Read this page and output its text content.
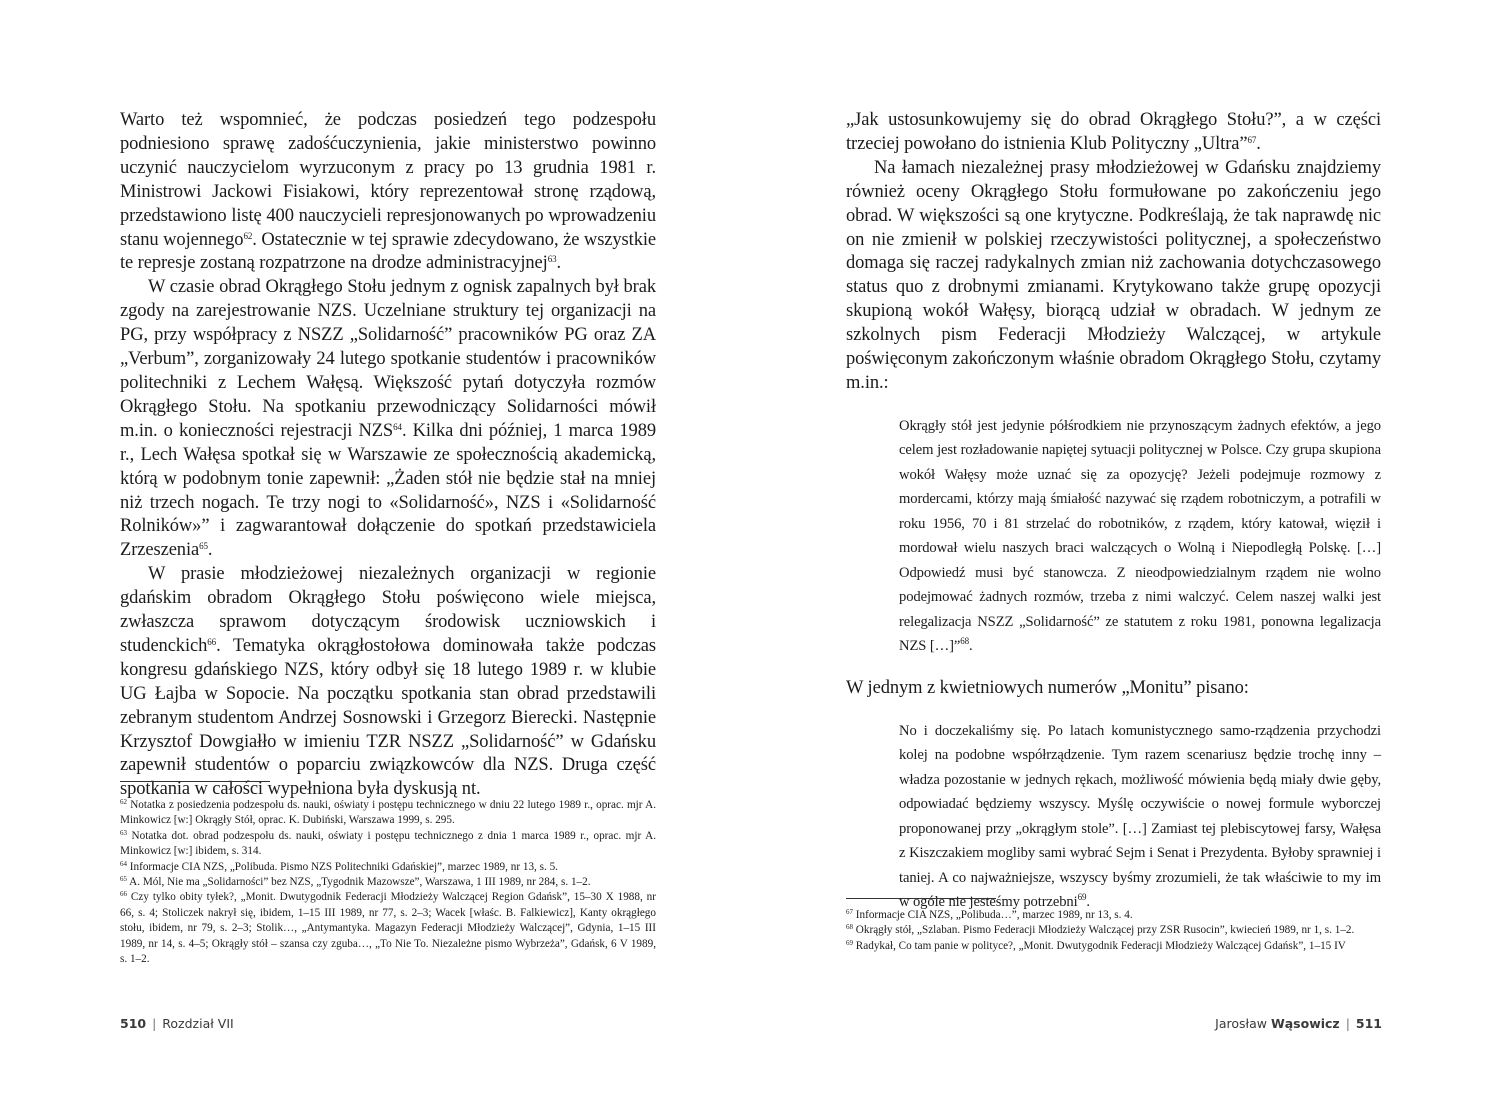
Warto też wspomnieć, że podczas posiedzeń tego podzespołu podniesiono sprawę zadośćuczynienia, jakie ministerstwo powinno uczynić nauczycielom wyrzuconym z pracy po 13 grudnia 1981 r. Ministrowi Jackowi Fisiakowi, który reprezentował stronę rządową, przedstawiono listę 400 nauczycieli represjonowanych po wprowadzeniu stanu wojennego$^{62}$. Ostatecznie w tej sprawie zdecydowano, że wszystkie te represje zostaną rozpatrzone na drodze administracyjnej$^{63}$.

W czasie obrad Okrągłego Stołu jednym z ognisk zapalnych był brak zgody na zarejestrowanie NZS. Uczelniane struktury tej organizacji na PG, przy współpracy z NSZZ „Solidarność” pracowników PG oraz ZA „Verbum”, zorganizowały 24 lutego spotkanie studentów i pracowników politechniki z Lechem Wałęsą. Większość pytań dotyczyła rozmów Okrągłego Stołu. Na spotkaniu przewodniczący Solidarności mówił m.in. o konieczności rejestracji NZS$^{64}$. Kilka dni później, 1 marca 1989 r., Lech Wałęsa spotkał się w Warszawie ze społecznością akademicką, którą w podobnym tonie zapewnił: „Żaden stół nie będzie stał na mniej niż trzech nogach. Te trzy nogi to «Solidarność», NZS i «Solidarność Rolników»” i zagwarantował dołączenie do spotkań przedstawiciela Zrzeszenia$^{65}$.

W prasie młodzieżowej niezależnych organizacji w regionie gdańskim obradom Okrągłego Stołu poświęcono wiele miejsca, zwłaszcza sprawom dotyczącym środowisk uczniowskich i studenckich$^{66}$. Tematyka okrągłostołowa dominowała także podczas kongresu gdańskiego NZS, który odbył się 18 lutego 1989 r. w klubie UG Łajba w Sopocie. Na początku spotkania stan obrad przedstawili zebranym studentom Andrzej Sosnowski i Grzegorz Bierecki. Następnie Krzysztof Dowgiałło w imieniu TZR NSZZ „Solidarność” w Gdańsku zapewnił studentów o poparciu związkowców dla NZS. Druga część spotkania w całości wypełniona była dyskusją nt.

$^{62}$ Notatka z posiedzenia podzespołu ds. nauki, oświaty i postępu technicznego w dniu 22 lutego 1989 r., oprac. mjr A. Minkowicz [w:] Okrągły Stół, oprac. K. Dubiński, Warszawa 1999, s. 295.

$^{63}$ Notatka dot. obrad podzespołu ds. nauki, oświaty i postępu technicznego z dnia 1 marca 1989 r., oprac. mjr A. Minkowicz [w:] ibidem, s. 314.

$^{64}$ Informacje CIA NZS, „Polibuda. Pismo NZS Politechniki Gdańskiej”, marzec 1989, nr 13, s. 5.

$^{65}$ A. Mól, Nie ma „Solidarności” bez NZS, „Tygodnik Mazowsze”, Warszawa, 1 III 1989, nr 284, s. 1–2.

$^{66}$ Czy tylko obity tyłek?, „Monit. Dwutygodnik Federacji Młodzieży Walczącej Region Gdańsk”, 15–30 X 1988, nr 66, s. 4; Stoliczek nakrył się, ibidem, 1–15 III 1989, nr 77, s. 2–3; Wacek [właśc. B. Falkiewicz], Kanty okrągłego stołu, ibidem, nr 79, s. 2–3; Stolik…, „Antymantyka. Magazyn Federacji Młodzieży Walczącej”, Gdynia, 1–15 III 1989, nr 14, s. 4–5; Okrągły stół – szansa czy zguba…, „To Nie To. Niezależne pismo Wybrzeża”, Gdańsk, 6 V 1989, s. 1–2.

510 | Rozdział VII

„Jak ustosunkowujemy się do obrad Okrągłego Stołu?”, a w części trzeciej powołano do istnienia Klub Polityczny „Ultra”$^{67}$.

Na łamach niezależnej prasy młodzieżowej w Gdańsku znajdziemy również oceny Okrągłego Stołu formułowane po zakończeniu jego obrad. W większości są one krytyczne. Podkreślają, że tak naprawdę nic on nie zmienił w polskiej rzeczywistości politycznej, a społeczeństwo domaga się raczej radykalnych zmian niż zachowania dotychczasowego status quo z drobnymi zmianami. Krytykowano także grupę opozycji skupioną wokół Wałęsy, biorącą udział w obradach. W jednym ze szkolnych pism Federacji Młodzieży Walczącej, w artykule poświęconym zakończonym właśnie obradom Okrągłego Stołu, czytamy m.in.:

Okrągły stół jest jedynie półśrodkiem nie przynoszącym żadnych efektów, a jego celem jest rozładowanie napiętej sytuacji politycznej w Polsce. Czy grupa skupiona wokół Wałęsy może uznać się za opozycję? Jeżeli podejmuje rozmowy z mordercami, którzy mają śmiałość nazywać się rządem robotniczym, a potrafili w roku 1956, 70 i 81 strzelać do robotników, z rządem, który katował, więził i mordował wielu naszych braci walczących o Wolną i Niepodległą Polskę. […] Odpowiedź musi być stanowcza. Z nieodpowiedzialnym rządem nie wolno podejmować żadnych rozmów, trzeba z nimi walczyć. Celem naszej walki jest relegalizacja NSZZ „Solidarność” ze statutem z roku 1981, ponowna legalizacja NZS […]”$^{68}$.

W jednym z kwietniowych numerów „Monitu” pisano:

No i doczekaliśmy się. Po latach komunistycznego samo-rządzenia przychodzi kolej na podobne współrządzenie. Tym razem scenariusz będzie trochę inny – władza pozostanie w jednych rękach, możliwość mówienia będą miały dwie gęby, odpowiadać będziemy wszyscy. Myślę oczywiście o nowej formule wyborczej proponowanej przy „okrągłym stole”. […] Zamiast tej plebiscytowej farsy, Wałęsa z Kiszczakiem mogliby sami wybrać Sejm i Senat i Prezydenta. Byłoby sprawniej i taniej. A co najważniejsze, wszyscy byśmy zrozumieli, że tak właściwie to my im w ogóle nie jesteśmy potrzebni$^{69}$.

$^{67}$ Informacje CIA NZS, „Polibuda…”, marzec 1989, nr 13, s. 4.

$^{68}$ Okrągły stół, „Szlaban. Pismo Federacji Młodzieży Walczącej przy ZSR Rusocin”, kwiecień 1989, nr 1, s. 1–2.

$^{69}$ Radykał, Co tam panie w polityce?, „Monit. Dwutygodnik Federacji Młodzieży Walczącej Gdańsk”, 1–15 IV

Jarosław Wąsowicz | 511
